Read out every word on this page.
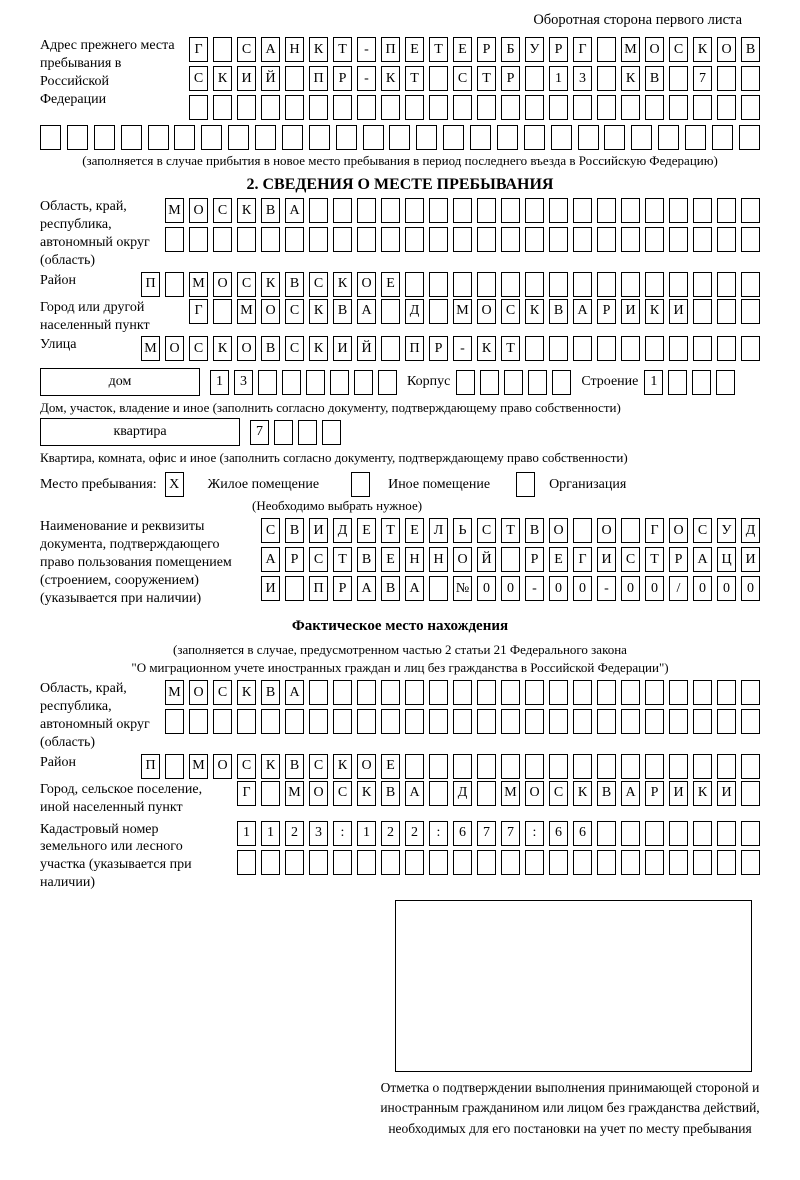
Оборотная сторона первого листа
Адрес прежнего места пребывания в Российской Федерации
Г	С	А Н	К	Т	-	П	Е	Т	Е	Р	Б	У	Р	Г	М О	С	К	О	В
С	К	И Й	П	Р	-	К	Т	С	Т	Р	1	3	К	В	7
(заполняется в случае прибытия в новое место пребывания в период последнего въезда в Российскую Федерацию)
2. СВЕДЕНИЯ О МЕСТЕ ПРЕБЫВАНИЯ
Область, край, республика, автономный округ (область)
М О	С	К	В	А
Район	П	М О	С	К	В	С	К	О	Е
Город или другой населенный пункт
Г	М О	С	К	В	А	Д	М О	С	К	В	А	Р	И	К	И
Улица	М О	С	К	О	В	С	К	И Й	П	Р	-	К	Т
дом	1	3	Корпус	Строение 1
Дом, участок, владение и иное (заполнить согласно документу, подтверждающему право собственности)
квартира	7
Квартира, комната, офис и иное (заполнить согласно документу, подтверждающему право собственности)
Место пребывания: X	Жилое помещение	Иное помещение	Организация
(Необходимо выбрать нужное)
Наименование и реквизиты документа, подтверждающего право пользования помещением (строением, сооружением) (указывается при наличии)
С	В	И	Д	Е	Т	Е	Л	Ь	С	Т	В	О	О	Г	О	С	У	Д
А	Р	С	Т	В	Е	Н Н О Й	Р	Е	Г	И	С	Т	Р	А Ц И
И	П	Р	А	В	А	№ 0	0	-	0	0	-	0	0	/	0	0	0
Фактическое место нахождения
(заполняется в случае, предусмотренном частью 2 статьи 21 Федерального закона
"О миграционном учете иностранных граждан и лиц без гражданства в Российской Федерации")
Область, край, республика, автономный округ (область)
М О	С	К	В	А
Район	П	М О	С	К	В	С	К	О	Е
Город, сельское поселение, иной населенный пункт
Г	М О	С	К	В	А	Д	М О	С	К	В	А	Р	И	К	И
Кадастровый номер земельного или лесного участка (указывается при наличии)
1	1	2	3	:	1	2	2	:	6	7	7	:	6	6
Отметка о подтверждении выполнения принимающей стороной и иностранным гражданином или лицом без гражданства действий, необходимых для его постановки на учет по месту пребывания
